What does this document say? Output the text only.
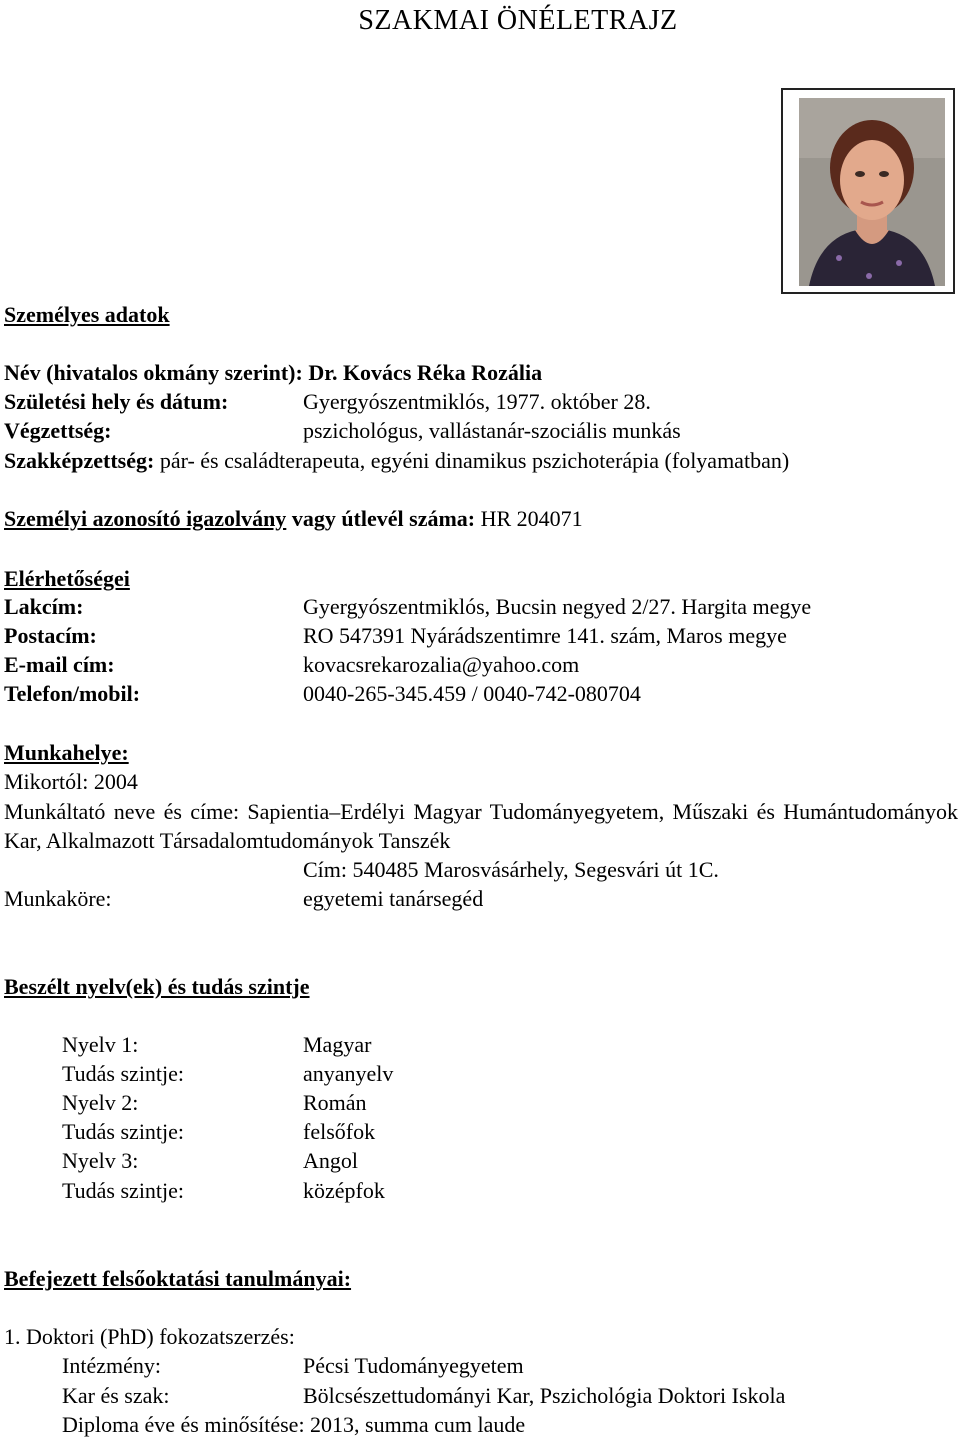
SZAKMAI ÖNÉLETRAJZ
Személyes adatok
Név (hivatalos okmány szerint): Dr. Kovács Réka Rozália
Születési hely és dátum:	Gyergyószentmiklós, 1977. október 28.
Végzettség:	pszichológus, vallástanár-szociális munkás
Szakképzettség: pár- és családterapeuta, egyéni dinamikus pszichoterápia (folyamatban)
Személyi azonosító igazolvány vagy útlevél száma: HR 204071
Elérhetőségei
Lakcím:	Gyergyószentmiklós, Bucsin negyed 2/27. Hargita megye
Postacím:	RO 547391 Nyárádszentimre 141. szám, Maros megye
E-mail cím:	kovacsrekarozalia@yahoo.com
Telefon/mobil:	0040-265-345.459 / 0040-742-080704
Munkahelye:
Mikortól: 2004
Munkáltató neve és címe: Sapientia–Erdélyi Magyar Tudományegyetem, Műszaki és Humántudományok Kar, Alkalmazott Társadalomtudományok Tanszék
Cím: 540485 Marosvásárhely, Segesvári út 1C.
Munkaköre:	egyetemi tanársegéd
Beszélt nyelv(ek) és tudás szintje
Nyelv 1:	Magyar
Tudás szintje:	anyanyelv
Nyelv 2:	Román
Tudás szintje:	felsőfok
Nyelv 3:	Angol
Tudás szintje:	középfok
Befejezett felsőoktatási tanulmányai:
1. Doktori (PhD) fokozatszerzés:
Intézmény:	Pécsi Tudományegyetem
Kar és szak:	Bölcsészettudományi Kar, Pszichológia Doktori Iskola
Diploma éve és minősítése: 2013, summa cum laude
